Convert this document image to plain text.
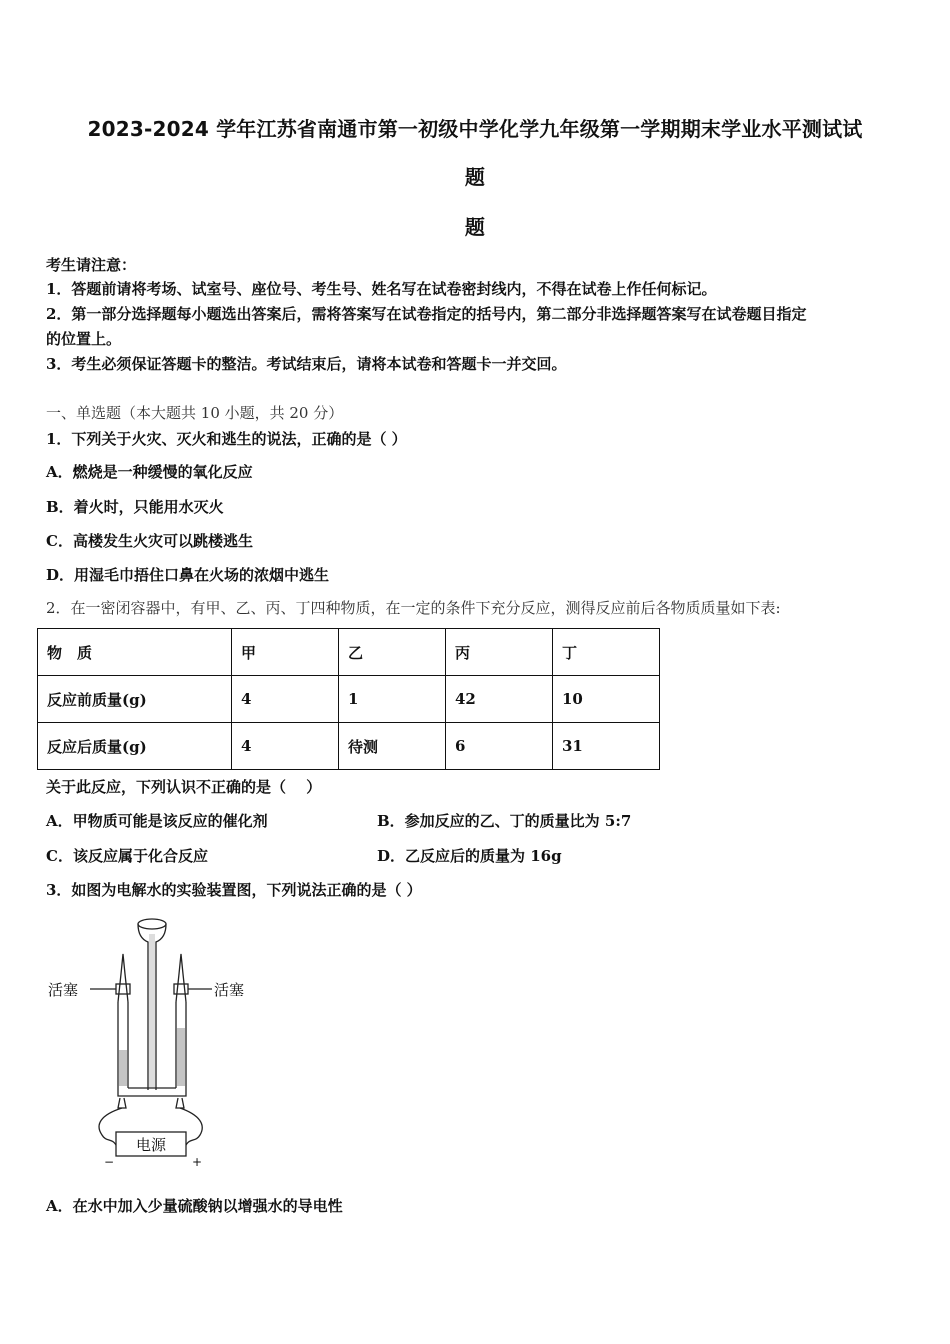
2023-2024 学年江苏省南通市第一初级中学化学九年级第一学期期末学业水平测试试
题
题
考生请注意：
1．答题前请将考场、试室号、座位号、考生号、姓名写在试卷密封线内，不得在试卷上作任何标记。
2．第一部分选择题每小题选出答案后，需将答案写在试卷指定的括号内，第二部分非选择题答案写在试卷题目指定
的位置上。
3．考生必须保证答题卡的整洁。考试结束后，请将本试卷和答题卡一并交回。
一、单选题（本大题共 10 小题，共 20 分）
1．下列关于火灾、灭火和逃生的说法，正确的是（ ）
A．燃烧是一种缓慢的氧化反应
B．着火时，只能用水灭火
C．高楼发生火灾可以跳楼逃生
D．用湿毛巾捂住口鼻在火场的浓烟中逃生
2．在一密闭容器中，有甲、乙、丙、丁四种物质，在一定的条件下充分反应，测得反应前后各物质质量如下表:
物　质	甲	乙	丙	丁
反应前质量(g)	4	1	42	10
反应后质量(g)	4	待测	6	31
关于此反应，下列认识不正确的是（　 ）
A．甲物质可能是该反应的催化剂	B．参加反应的乙、丁的质量比为 5:7
C．该反应属于化合反应	D．乙反应后的质量为 16g
3．如图为电解水的实验装置图，下列说法正确的是（ ）
活塞	活塞
电源
−	+
A．在水中加入少量硫酸钠以增强水的导电性
